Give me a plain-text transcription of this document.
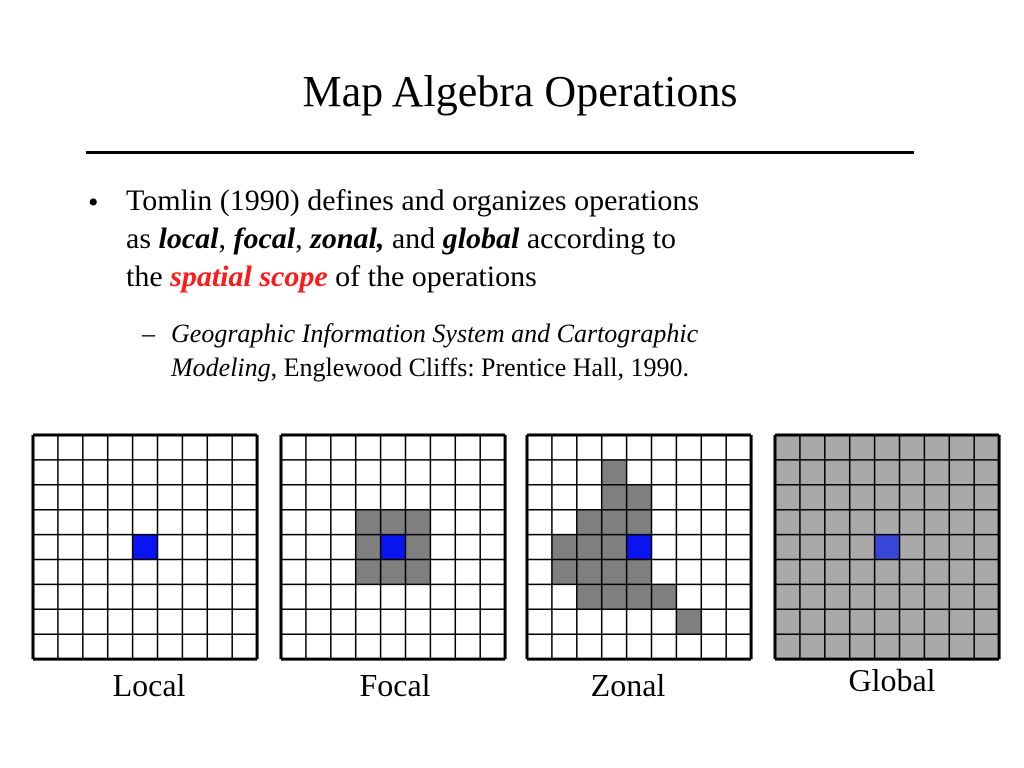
Map Algebra Operations
• Tomlin (1990) defines and organizes operations
as local, focal, zonal, and global according to
the spatial scope of the operations
– Geographic Information System and Cartographic
Modeling, Englewood Cliffs: Prentice Hall, 1990.
Local	Focal	Zonal	Global
